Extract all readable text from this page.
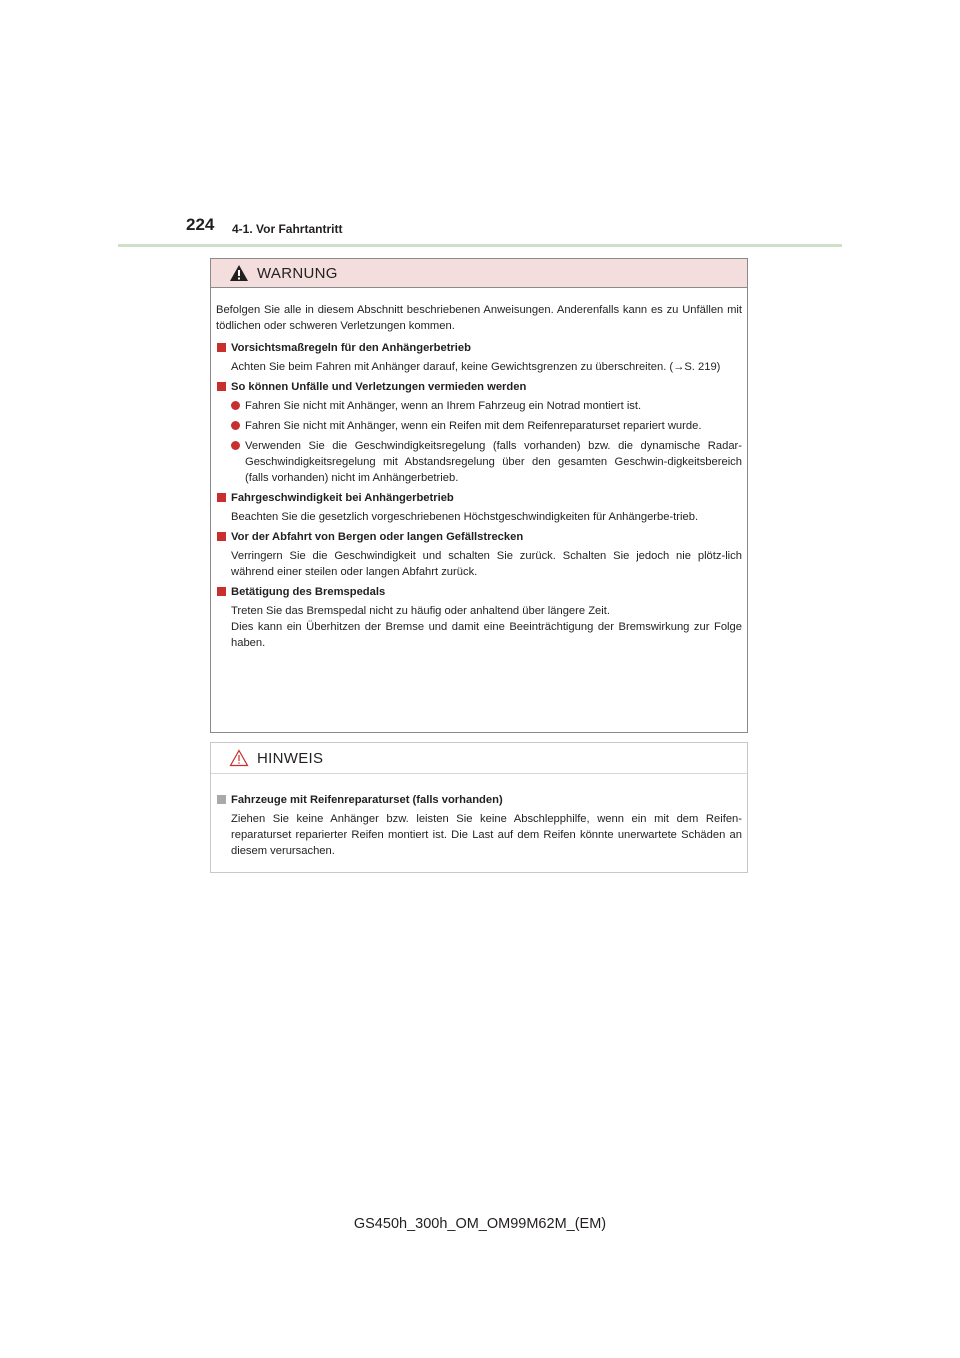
224 4-1. Vor Fahrtantritt
WARNUNG

Befolgen Sie alle in diesem Abschnitt beschriebenen Anweisungen. Anderenfalls kann es zu Unfällen mit tödlichen oder schweren Verletzungen kommen.

Vorsichtsmaßregeln für den Anhängerbetrieb

Achten Sie beim Fahren mit Anhänger darauf, keine Gewichtsgrenzen zu überschreiten. (→S. 219)

So können Unfälle und Verletzungen vermieden werden
Fahren Sie nicht mit Anhänger, wenn an Ihrem Fahrzeug ein Notrad montiert ist.
Fahren Sie nicht mit Anhänger, wenn ein Reifen mit dem Reifenreparaturset repariert wurde.
Verwenden Sie die Geschwindigkeitsregelung (falls vorhanden) bzw. die dynamische Radar-Geschwindigkeitsregelung mit Abstandsregelung über den gesamten Geschwin-digkeitsbereich (falls vorhanden) nicht im Anhängerbetrieb.
Fahrgeschwindigkeit bei Anhängerbetrieb

Beachten Sie die gesetzlich vorgeschriebenen Höchstgeschwindigkeiten für Anhängerbe-trieb.

Vor der Abfahrt von Bergen oder langen Gefällstrecken

Verringern Sie die Geschwindigkeit und schalten Sie zurück. Schalten Sie jedoch nie plötz-lich während einer steilen oder langen Abfahrt zurück.

Betätigung des Bremspedals

Treten Sie das Bremspedal nicht zu häufig oder anhaltend über längere Zeit.

Dies kann ein Überhitzen der Bremse und damit eine Beeinträchtigung der Bremswirkung zur Folge haben.

HINWEIS
Fahrzeuge mit Reifenreparaturset (falls vorhanden)

Ziehen Sie keine Anhänger bzw. leisten Sie keine Abschlepphilfe, wenn ein mit dem Reifen-reparaturset reparierter Reifen montiert ist. Die Last auf dem Reifen könnte unerwartete Schäden an diesem verursachen.

GS450h_300h_OM_OM99M62M_(EM)
